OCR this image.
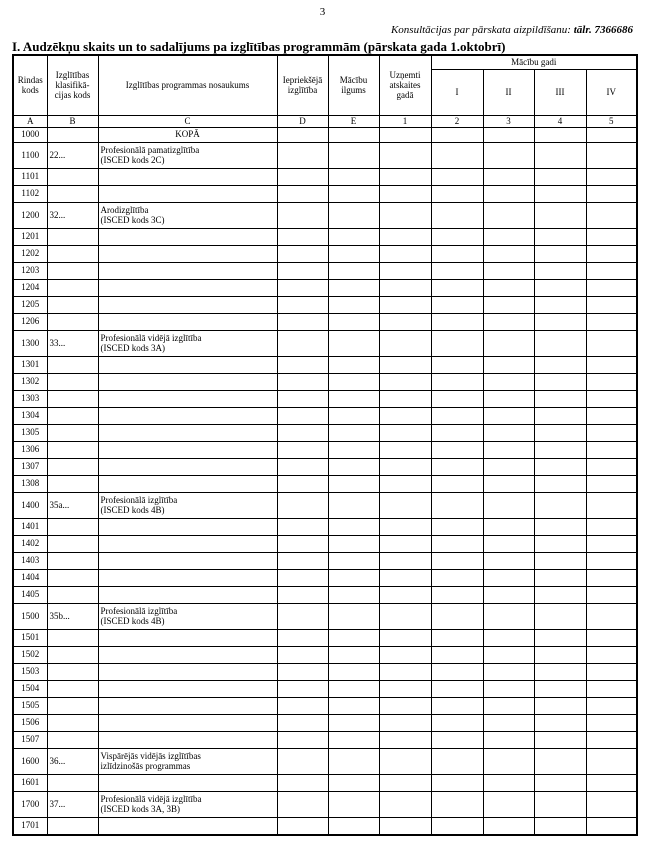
3
Konsultācijas par pārskata aizpildīšanu: tālr. 7366686
I. Audzēkņu skaits un to sadalījums pa izglītības programmām (pārskata gada 1.oktobrī)
Rindas kods	Izglītības klasifikā- cijas kods	Izglītības programmas nosaukums	Iepriekšējā izglītība	Mācību ilgums	Uzņemti atskaites gadā	Mācību gadi			
						I	II	III	IV
A	B	C	D	E	1	2	3	4	5
1000		KOPĀ							
1100	22...	Profesionālā pamatizglītība
(ISCED kods 2C)							

1101									
1102									
1200	32...	Arodizglītība
(ISCED kods 3C)							

1201									
1202									
1203									
1204									
1205									
1206									
1300	33...	Profesionālā vidējā izglītība
(ISCED kods 3A)							

1301									
1302									
1303									
1304									
1305									
1306									
1307									
1308									
1400	35a...	Profesionālā izglītība
(ISCED kods 4B)							

1401									
1402									
1403									
1404									
1405									
1500	35b...	Profesionālā izglītība
(ISCED kods 4B)							

1501									
1502									
1503									
1504									
1505									
1506									
1507									
1600	36...	Vispārējās vidējās izglītības
izlīdzinošās programmas							

1601									
1700	37...	Profesionālā vidējā izglītība
(ISCED kods 3A, 3B)							

1701									
